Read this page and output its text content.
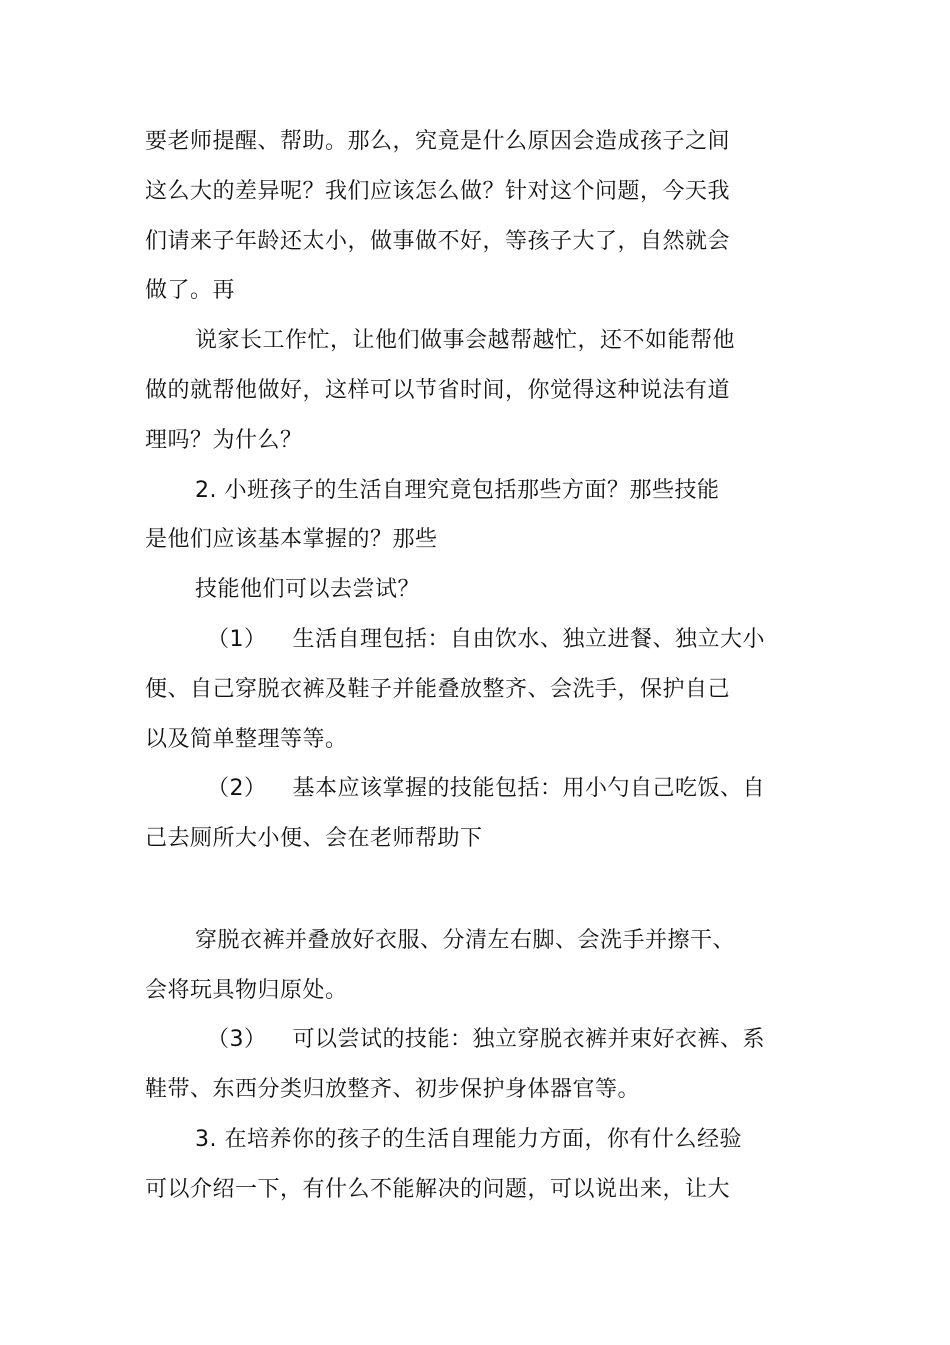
要老师提醒、帮助。那么，究竟是什么原因会造成孩子之间
这么大的差异呢？我们应该怎么做？针对这个问题，今天我
们请来子年龄还太小，做事做不好，等孩子大了，自然就会
做了。再
说家长工作忙，让他们做事会越帮越忙，还不如能帮他
做的就帮他做好，这样可以节省时间，你觉得这种说法有道
理吗？为什么？
2. 小班孩子的生活自理究竟包括那些方面？那些技能
是他们应该基本掌握的？那些
技能他们可以去尝试？
（1） 生活自理包括：自由饮水、独立进餐、独立大小
便、自己穿脱衣裤及鞋子并能叠放整齐、会洗手，保护自己
以及简单整理等等。
（2） 基本应该掌握的技能包括：用小勺自己吃饭、自
己去厕所大小便、会在老师帮助下
穿脱衣裤并叠放好衣服、分清左右脚、会洗手并擦干、
会将玩具物归原处。
（3） 可以尝试的技能：独立穿脱衣裤并束好衣裤、系
鞋带、东西分类归放整齐、初步保护身体器官等。
3. 在培养你的孩子的生活自理能力方面，你有什么经验
可以介绍一下，有什么不能解决的问题，可以说出来，让大
